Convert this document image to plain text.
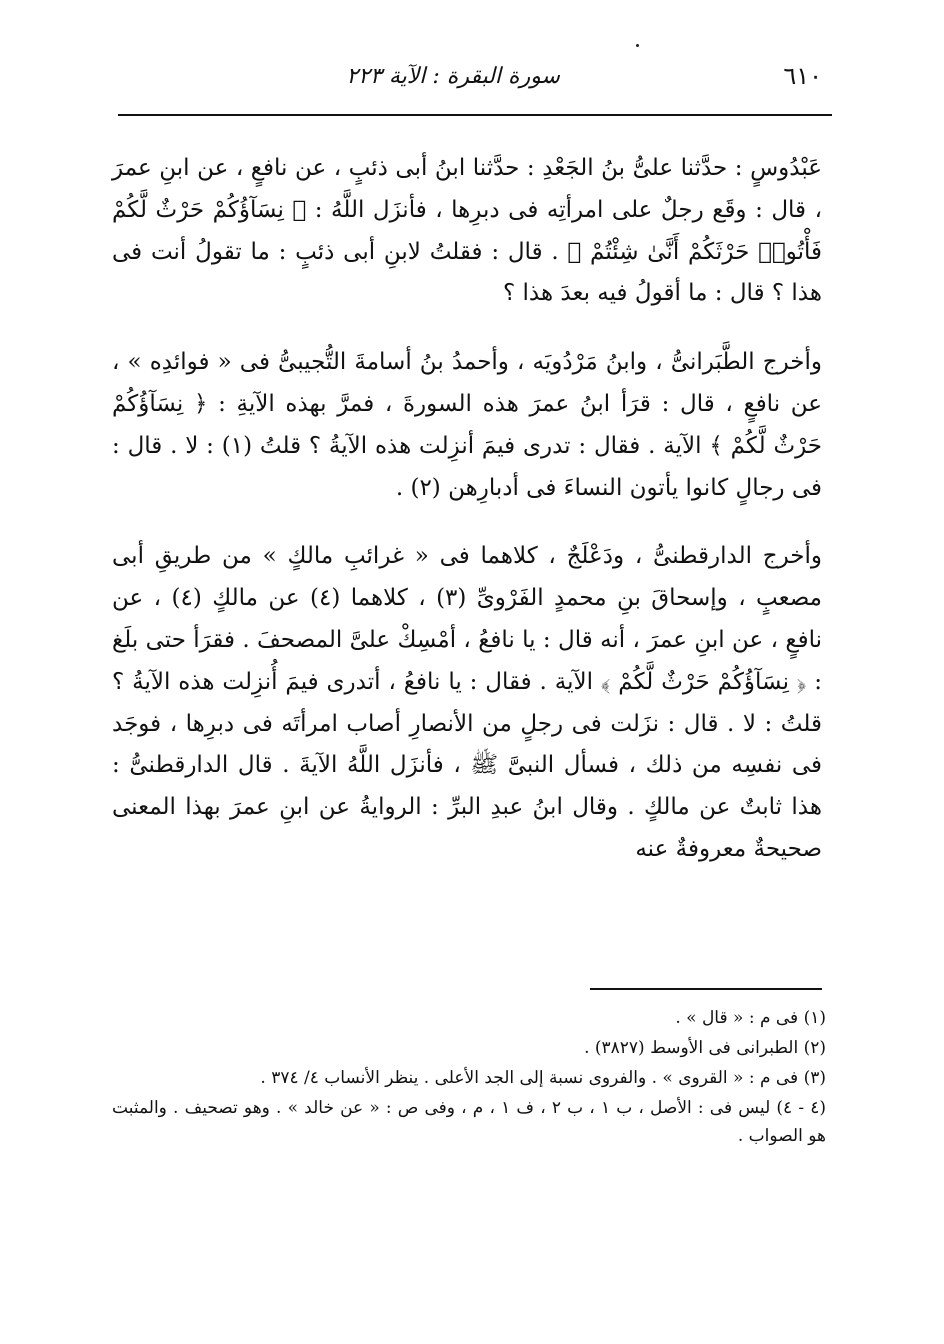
٦١٠
سورة البقرة : الآية ٢٢٣

عَبْدُوسٍ : حدَّثنا علىُّ بنُ الجَعْدِ : حدَّثنا ابنُ أبى ذئبٍ ، عن نافعٍ ، عن ابنِ عمرَ ، قال : وقَع رجلٌ على امرأتِه فى دبرِها ، فأنزَل اللَّهُ : ﴿ نِسَآؤُكُمْ حَرْثٌ لَّكُمْ فَأْتُوا۟ حَرْثَكُمْ أَنَّىٰ شِئْتُمْ ﴾ . قال : فقلتُ لابنِ أبى ذئبٍ : ما تقولُ أنت فى هذا ؟ قال : ما أقولُ فيه بعدَ هذا ؟

وأخرج الطَّبَرانىُّ ، وابنُ مَرْدُويَه ، وأحمدُ بنُ أسامةَ التُّجيبىُّ فى « فوائدِه » ، عن نافعٍ ، قال : قرَأ ابنُ عمرَ هذه السورةَ ، فمرَّ بهذه الآيةِ : ﴿ نِسَآؤُكُمْ حَرْثٌ لَّكُمْ ﴾ الآية . فقال : تدرى فيمَ أنزِلت هذه الآيةُ ؟ قلتُ (١) : لا . قال : فى رجالٍ كانوا يأتون النساءَ فى أدبارِهن (٢) .

وأخرج الدارقطنىُّ ، ودَعْلَجٌ ، كلاهما فى « غرائبِ مالكٍ » من طريقِ أبى مصعبٍ ، وإسحاقَ بنِ محمدٍ الفَرْوىِّ (٣) ، كلاهما (٤) عن مالكٍ (٤) ، عن نافعٍ ، عن ابنِ عمرَ ، أنه قال : يا نافعُ ، أمْسِكْ علىَّ المصحفَ . فقرَأ حتى بلَغ : ﴿ نِسَآؤُكُمْ حَرْثٌ لَّكُمْ ﴾ الآية . فقال : يا نافعُ ، أتدرى فيمَ أُنزِلت هذه الآيةُ ؟ قلتُ : لا . قال : نزَلت فى رجلٍ من الأنصارِ أصاب امرأتَه فى دبرِها ، فوجَد فى نفسِه من ذلك ، فسأل النبىَّ ﷺ ، فأنزَل اللَّهُ الآيةَ . قال الدارقطنىُّ : هذا ثابتٌ عن مالكٍ . وقال ابنُ عبدِ البرِّ : الروايةُ عن ابنِ عمرَ بهذا المعنى صحيحةٌ معروفةٌ عنه

(١) فى م : « قال » .

(٢) الطبرانى فى الأوسط (٣٨٢٧) .

(٣) فى م : « القروى » . والفروى نسبة إلى الجد الأعلى . ينظر الأنساب ٤/ ٣٧٤ .

(٤ - ٤) ليس فى : الأصل ، ب ١ ، ب ٢ ، ف ١ ، م ، وفى ص : « عن خالد » . وهو تصحيف . والمثبت هو الصواب .
